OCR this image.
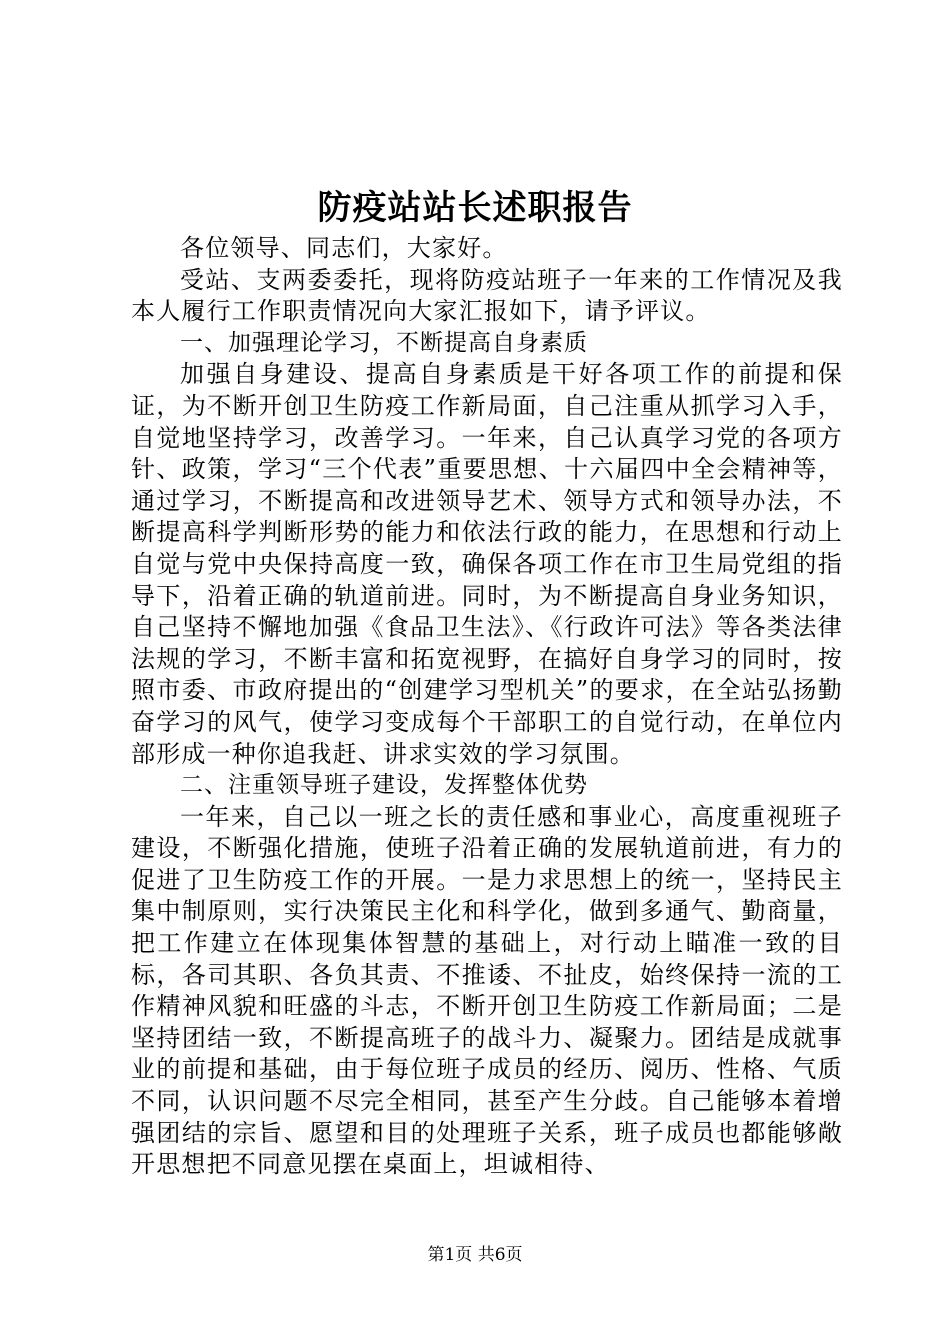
防疫站站长述职报告

各位领导、同志们，大家好。

受站、支两委委托，现将防疫站班子一年来的工作情况及我本人履行工作职责情况向大家汇报如下，请予评议。

一、加强理论学习，不断提高自身素质

加强自身建设、提高自身素质是干好各项工作的前提和保证，为不断开创卫生防疫工作新局面，自己注重从抓学习入手，自觉地坚持学习，改善学习。一年来，自己认真学习党的各项方针、政策，学习“三个代表”重要思想、十六届四中全会精神等，通过学习，不断提高和改进领导艺术、领导方式和领导办法，不断提高科学判断形势的能力和依法行政的能力，在思想和行动上自觉与党中央保持高度一致，确保各项工作在市卫生局党组的指导下，沿着正确的轨道前进。同时，为不断提高自身业务知识，自己坚持不懈地加强《食品卫生法》、《行政许可法》等各类法律法规的学习，不断丰富和拓宽视野，在搞好自身学习的同时，按照市委、市政府提出的“创建学习型机关”的要求，在全站弘扬勤奋学习的风气，使学习变成每个干部职工的自觉行动，在单位内部形成一种你追我赶、讲求实效的学习氛围。

二、注重领导班子建设，发挥整体优势

一年来，自己以一班之长的责任感和事业心，高度重视班子建设，不断强化措施，使班子沿着正确的发展轨道前进，有力的促进了卫生防疫工作的开展。一是力求思想上的统一，坚持民主集中制原则，实行决策民主化和科学化，做到多通气、勤商量，把工作建立在体现集体智慧的基础上，对行动上瞄准一致的目标，各司其职、各负其责、不推诿、不扯皮，始终保持一流的工作精神风貌和旺盛的斗志，不断开创卫生防疫工作新局面；二是坚持团结一致，不断提高班子的战斗力、凝聚力。团结是成就事业的前提和基础，由于每位班子成员的经历、阅历、性格、气质不同，认识问题不尽完全相同，甚至产生分歧。自己能够本着增强团结的宗旨、愿望和目的处理班子关系，班子成员也都能够敞开思想把不同意见摆在桌面上，坦诚相待、

第1页 共6页
